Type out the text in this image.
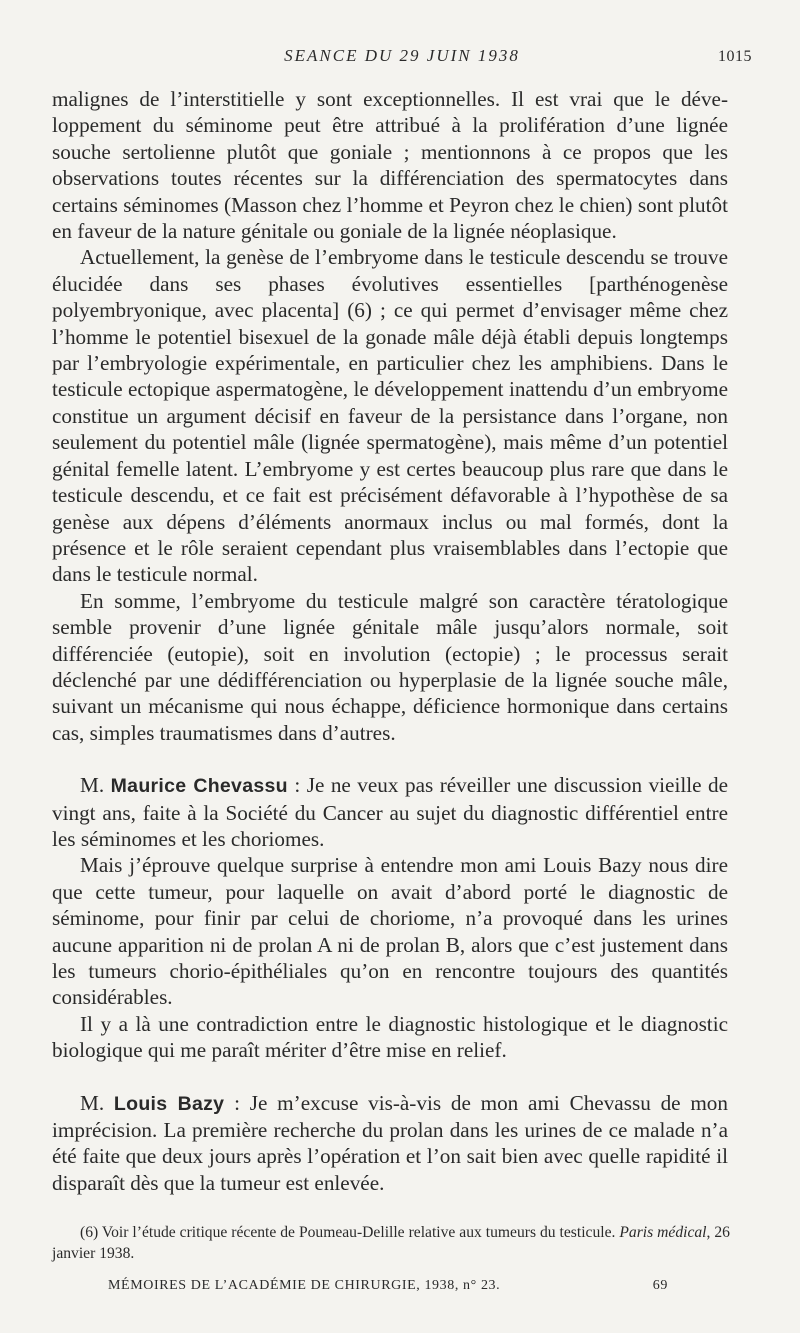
SEANCE DU 29 JUIN 1938	1015

malignes de l’interstitielle y sont exceptionnelles. Il est vrai que le développement du séminome peut être attribué à la prolifération d’une lignée souche sertolienne plutôt que goniale ; mentionnons à ce propos que les observations toutes récentes sur la différenciation des spermatocytes dans certains séminomes (Masson chez l’homme et Peyron chez le chien) sont plutôt en faveur de la nature génitale ou goniale de la lignée néoplasique.

Actuellement, la genèse de l’embryome dans le testicule descendu se trouve élucidée dans ses phases évolutives essentielles [parthénogenèse polyembryonique, avec placenta] (6) ; ce qui permet d’envisager même chez l’homme le potentiel bisexuel de la gonade mâle déjà établi depuis longtemps par l’embryologie expérimentale, en particulier chez les amphibiens. Dans le testicule ectopique aspermatogène, le développement inattendu d’un embryome constitue un argument décisif en faveur de la persistance dans l’organe, non seulement du potentiel mâle (lignée spermatogène), mais même d’un potentiel génital femelle latent. L’embryome y est certes beaucoup plus rare que dans le testicule descendu, et ce fait est précisément défavorable à l’hypothèse de sa genèse aux dépens d’éléments anormaux inclus ou mal formés, dont la présence et le rôle seraient cependant plus vraisemblables dans l’ectopie que dans le testicule normal.

En somme, l’embryome du testicule malgré son caractère tératologique semble provenir d’une lignée génitale mâle jusqu’alors normale, soit différenciée (eutopie), soit en involution (ectopie) ; le processus serait déclenché par une dédifférenciation ou hyperplasie de la lignée souche mâle, suivant un mécanisme qui nous échappe, déficience hormonique dans certains cas, simples traumatismes dans d’autres.

M. Maurice Chevassu : Je ne veux pas réveiller une discussion vieille de vingt ans, faite à la Société du Cancer au sujet du diagnostic différentiel entre les séminomes et les choriomes.

Mais j’éprouve quelque surprise à entendre mon ami Louis Bazy nous dire que cette tumeur, pour laquelle on avait d’abord porté le diagnostic de séminome, pour finir par celui de choriome, n’a provoqué dans les urines aucune apparition ni de prolan A ni de prolan B, alors que c’est justement dans les tumeurs chorio-épithéliales qu’on en rencontre toujours des quantités considérables.

Il y a là une contradiction entre le diagnostic histologique et le diagnostic biologique qui me paraît mériter d’être mise en relief.

M. Louis Bazy : Je m’excuse vis-à-vis de mon ami Chevassu de mon imprécision. La première recherche du prolan dans les urines de ce malade n’a été faite que deux jours après l’opération et l’on sait bien avec quelle rapidité il disparaît dès que la tumeur est enlevée.

(6) Voir l’étude critique récente de Poumeau-Delille relative aux tumeurs du testicule. Paris médical, 26 janvier 1938.

MÉMOIRES DE L’ACADÉMIE DE CHIRURGIE, 1938, n° 23.	69
